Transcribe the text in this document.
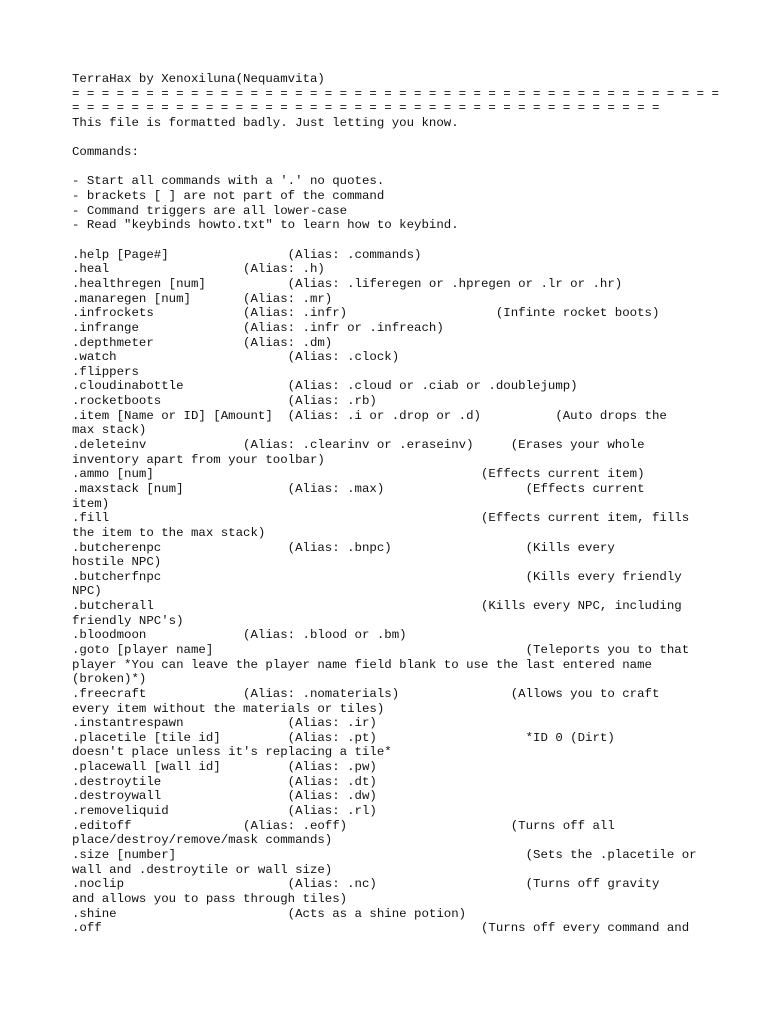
TerraHax by Xenoxiluna(Nequamvita)
= = = = = = = = = = = = = = = = = = = = = = = = = = = = = = = = = = = = = = = = = = = =
= = = = = = = = = = = = = = = = = = = = = = = = = = = = = = = = = = = = = = = =
This file is formatted badly. Just letting you know.
Commands:
- Start all commands with a '.' no quotes.
- brackets [ ] are not part of the command
- Command triggers are all lower-case
- Read "keybinds howto.txt" to learn how to keybind.
.help [Page#]                (Alias: .commands)
.heal                  (Alias: .h)
.healthregen [num]           (Alias: .liferegen or .hpregen or .lr or .hr)
.manaregen [num]       (Alias: .mr)
.infrockets            (Alias: .infr)                    (Infinte rocket boots)
.infrange              (Alias: .infr or .infreach)
.depthmeter            (Alias: .dm)
.watch                       (Alias: .clock)
.flippers
.cloudinabottle              (Alias: .cloud or .ciab or .doublejump)
.rocketboots                 (Alias: .rb)
.item [Name or ID] [Amount]  (Alias: .i or .drop or .d)          (Auto drops the
max stack)
.deleteinv             (Alias: .clearinv or .eraseinv)     (Erases your whole
inventory apart from your toolbar)
.ammo [num]                                            (Effects current item)
.maxstack [num]              (Alias: .max)                   (Effects current
item)
.fill                                                  (Effects current item, fills
the item to the max stack)
.butcherenpc                 (Alias: .bnpc)                  (Kills every
hostile NPC)
.butcherfnpc                                                 (Kills every friendly
NPC)
.butcherall                                            (Kills every NPC, including
friendly NPC's)
.bloodmoon             (Alias: .blood or .bm)
.goto [player name]                                          (Teleports you to that
player *You can leave the player name field blank to use the last entered name
(broken)*)
.freecraft             (Alias: .nomaterials)               (Allows you to craft
every item without the materials or tiles)
.instantrespawn              (Alias: .ir)
.placetile [tile id]         (Alias: .pt)                    *ID 0 (Dirt)
doesn't place unless it's replacing a tile*
.placewall [wall id]         (Alias: .pw)
.destroytile                 (Alias: .dt)
.destroywall                 (Alias: .dw)
.removeliquid                (Alias: .rl)
.editoff               (Alias: .eoff)                      (Turns off all
place/destroy/remove/mask commands)
.size [number]                                               (Sets the .placetile or
wall and .destroytile or wall size)
.noclip                      (Alias: .nc)                    (Turns off gravity
and allows you to pass through tiles)
.shine                       (Acts as a shine potion)
.off                                                   (Turns off every command and
